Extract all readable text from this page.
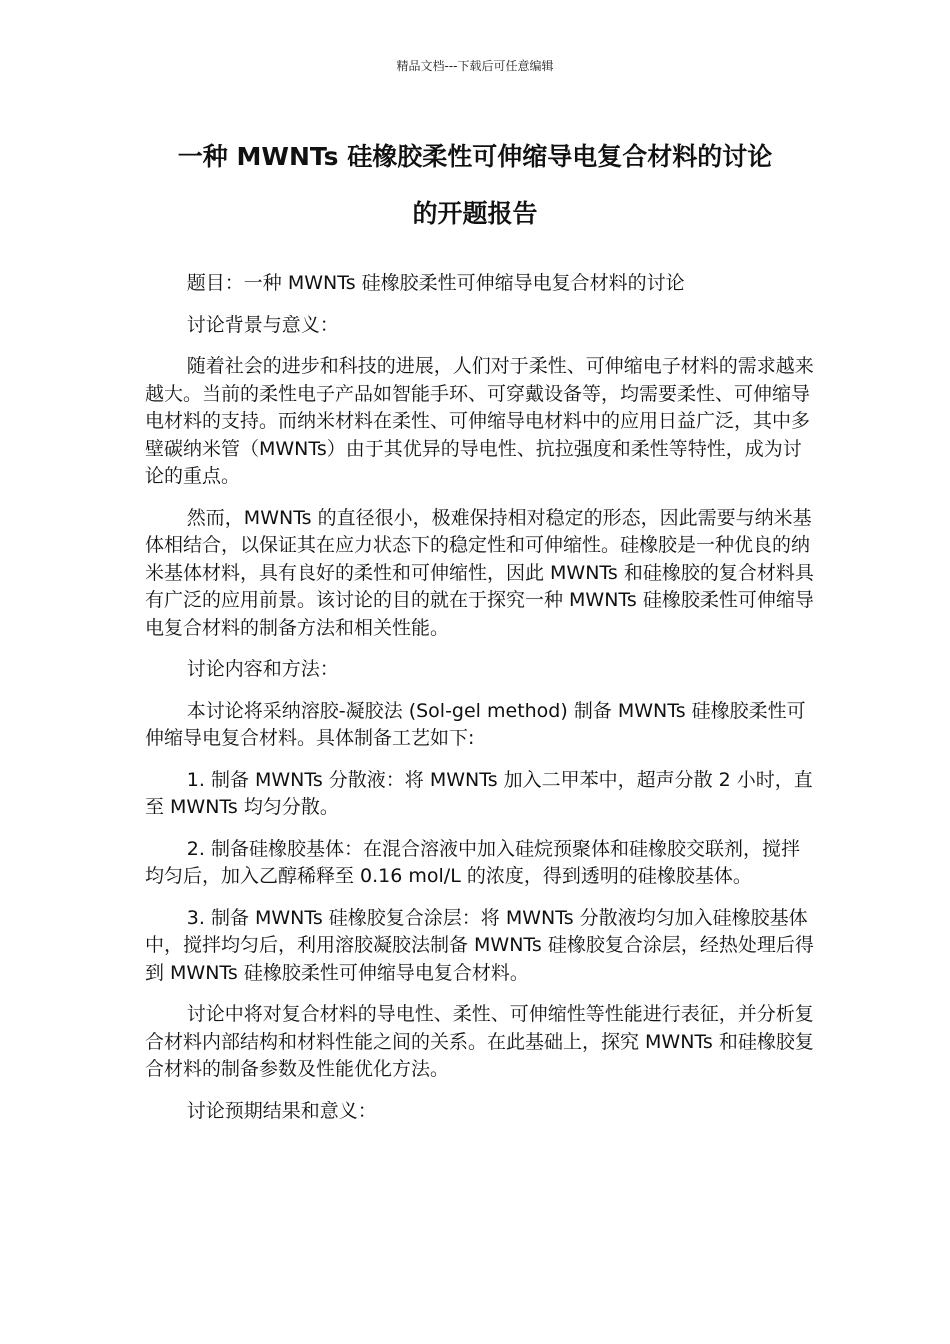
精品文档---下载后可任意编辑
一种 MWNTs 硅橡胶柔性可伸缩导电复合材料的讨论
的开题报告

题目：一种 MWNTs 硅橡胶柔性可伸缩导电复合材料的讨论

讨论背景与意义：

随着社会的进步和科技的进展，人们对于柔性、可伸缩电子材料的需求越来越大。当前的柔性电子产品如智能手环、可穿戴设备等，均需要柔性、可伸缩导电材料的支持。而纳米材料在柔性、可伸缩导电材料中的应用日益广泛，其中多壁碳纳米管（MWNTs）由于其优异的导电性、抗拉强度和柔性等特性，成为讨论的重点。

然而，MWNTs 的直径很小，极难保持相对稳定的形态，因此需要与纳米基体相结合，以保证其在应力状态下的稳定性和可伸缩性。硅橡胶是一种优良的纳米基体材料，具有良好的柔性和可伸缩性，因此 MWNTs 和硅橡胶的复合材料具有广泛的应用前景。该讨论的目的就在于探究一种 MWNTs 硅橡胶柔性可伸缩导电复合材料的制备方法和相关性能。

讨论内容和方法：

本讨论将采纳溶胶-凝胶法 (Sol-gel method) 制备 MWNTs 硅橡胶柔性可伸缩导电复合材料。具体制备工艺如下:

1. 制备 MWNTs 分散液：将 MWNTs 加入二甲苯中，超声分散 2 小时，直至 MWNTs 均匀分散。

2. 制备硅橡胶基体：在混合溶液中加入硅烷预聚体和硅橡胶交联剂，搅拌均匀后，加入乙醇稀释至 0.16 mol/L 的浓度，得到透明的硅橡胶基体。

3. 制备 MWNTs 硅橡胶复合涂层：将 MWNTs 分散液均匀加入硅橡胶基体中，搅拌均匀后，利用溶胶凝胶法制备 MWNTs 硅橡胶复合涂层，经热处理后得到 MWNTs 硅橡胶柔性可伸缩导电复合材料。

讨论中将对复合材料的导电性、柔性、可伸缩性等性能进行表征，并分析复合材料内部结构和材料性能之间的关系。在此基础上，探究 MWNTs 和硅橡胶复合材料的制备参数及性能优化方法。

讨论预期结果和意义：
